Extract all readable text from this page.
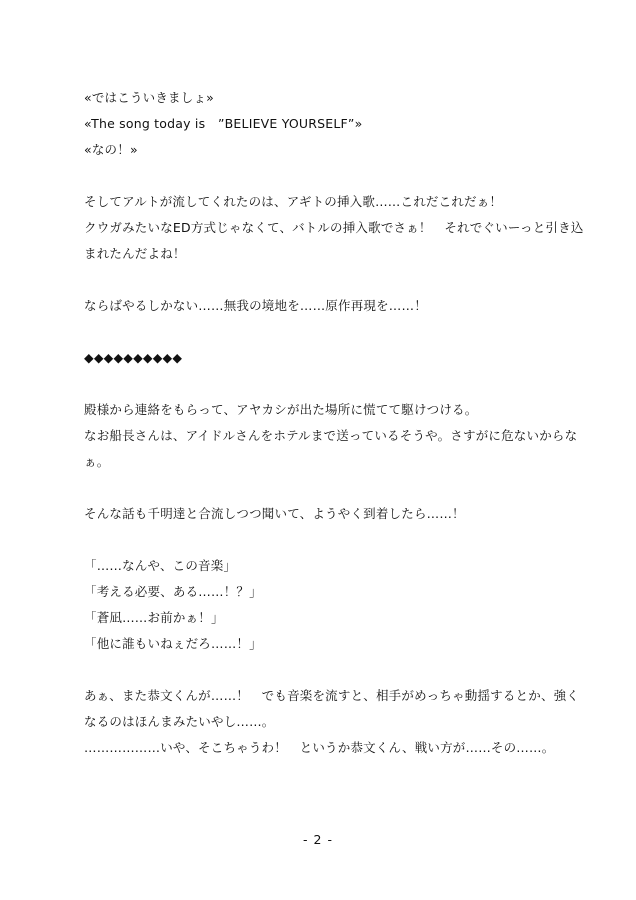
«ではこういきましょ»
«The song today is　”BELIEVE YOURSELF”»
«なの！»
そしてアルトが流してくれたのは、アギトの挿入歌……これだこれだぁ！
クウガみたいなED方式じゃなくて、バトルの挿入歌でさぁ！　それでぐいーっと引き込
まれたんだよね！
ならばやるしかない……無我の境地を……原作再現を……！
◆◆◆◆◆◆◆◆◆◆
殿様から連絡をもらって、アヤカシが出た場所に慌てて駆けつける。
なお船長さんは、アイドルさんをホテルまで送っているそうや。さすがに危ないからな
ぁ。
そんな話も千明達と合流しつつ聞いて、ようやく到着したら……！
「……なんや、この音楽」
「考える必要、ある……！？」
「蒼凪……お前かぁ！」
「他に誰もいねぇだろ……！」
あぁ、また恭文くんが……！　でも音楽を流すと、相手がめっちゃ動揺するとか、強く
なるのはほんまみたいやし……。
………………いや、そこちゃうわ！　というか恭文くん、戦い方が……その……。
- 2 -
